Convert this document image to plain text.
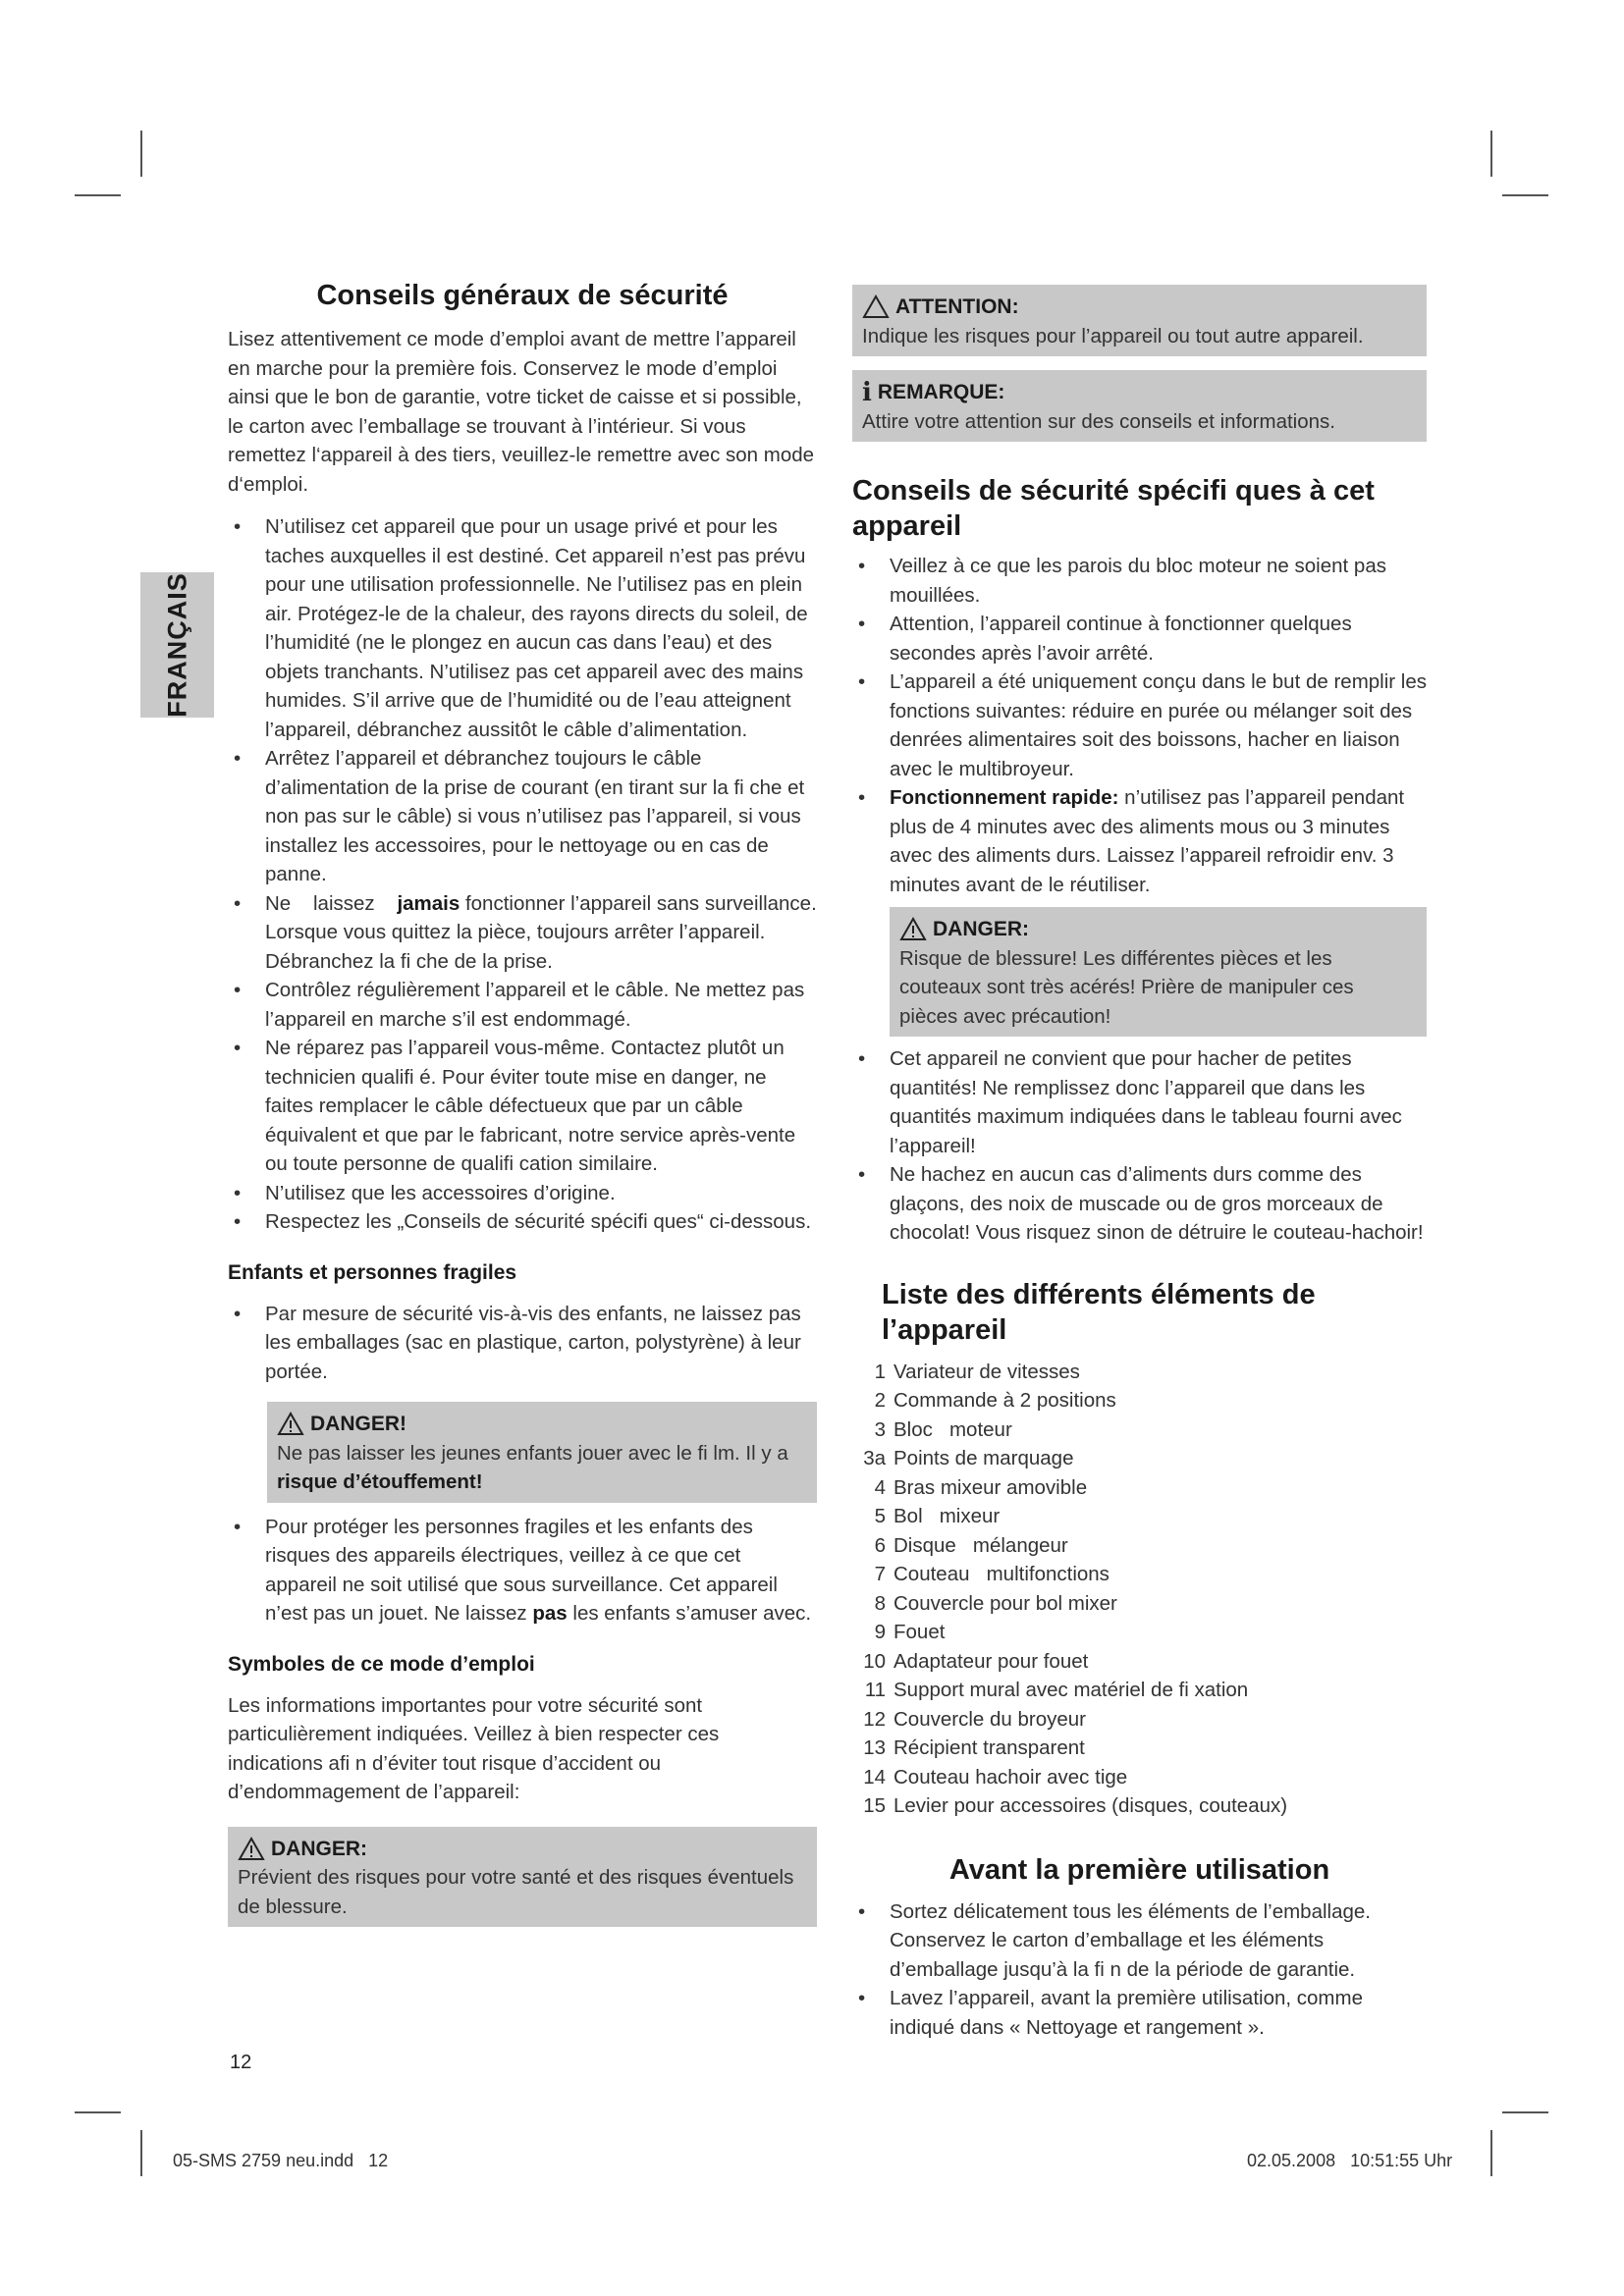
FRANÇAIS
Conseils généraux de sécurité

Lisez attentivement ce mode d’emploi avant de mettre l’appareil en marche pour la première fois. Conservez le mode d’emploi ainsi que le bon de garantie, votre ticket de caisse et si possible, le carton avec l’emballage se trouvant à l’intérieur. Si vous remettez l‘appareil à des tiers, veuillez-le remettre avec son mode d‘emploi.

• N’utilisez cet appareil que pour un usage privé et pour les taches auxquelles il est destiné. Cet appareil n’est pas prévu pour une utilisation professionnelle. Ne l’utilisez pas en plein air. Protégez-le de la chaleur, des rayons directs du soleil, de l’humidité (ne le plongez en aucun cas dans l’eau) et des objets tranchants. N’utilisez pas cet appareil avec des mains humides. S’il arrive que de l’humidité ou de l’eau atteignent l’appareil, débranchez aussitôt le câble d’alimentation.
• Arrêtez l’appareil et débranchez toujours le câble d’alimentation de la prise de courant (en tirant sur la fi che et non pas sur le câble) si vous n’utilisez pas l’appareil, si vous installez les accessoires, pour le nettoyage ou en cas de panne.
• Ne    laissez    jamais fonctionner l’appareil sans surveillance. Lorsque vous quittez la pièce, toujours arrêter l’appareil. Débranchez la fi che de la prise.
• Contrôlez régulièrement l’appareil et le câble. Ne mettez pas l’appareil en marche s’il est endommagé.
• Ne réparez pas l’appareil vous-même. Contactez plutôt un technicien qualifi é. Pour éviter toute mise en danger, ne faites remplacer le câble défectueux que par un câble équivalent et que par le fabricant, notre service après-vente ou toute personne de qualifi cation similaire.
• N’utilisez que les accessoires d’origine.
• Respectez les „Conseils de sécurité spécifi ques“ ci-dessous.
Enfants et personnes fragiles
• Par mesure de sécurité vis-à-vis des enfants, ne laissez pas les emballages (sac en plastique, carton, polystyrène) à leur portée.
DANGER!
Ne pas laisser les jeunes enfants jouer avec le fi lm. Il y a risque d’étouffement!
• Pour protéger les personnes fragiles et les enfants des risques des appareils électriques, veillez à ce que cet appareil ne soit utilisé que sous surveillance. Cet appareil n’est pas un jouet. Ne laissez pas les enfants s’amuser avec.
Symboles de ce mode d’emploi

Les informations importantes pour votre sécurité sont particulièrement indiquées. Veillez à bien respecter ces indications afi n d’éviter tout risque d’accident ou d’endommagement de l’appareil:

DANGER:
Prévient des risques pour votre santé et des risques éventuels de blessure.
ATTENTION:
Indique les risques pour l’appareil ou tout autre appareil.
i REMARQUE:
Attire votre attention sur des conseils et informations.
Conseils de sécurité spécifi ques à cet appareil
• Veillez à ce que les parois du bloc moteur ne soient pas mouillées.
• Attention, l’appareil continue à fonctionner quelques secondes après l’avoir arrêté.
• L’appareil a été uniquement conçu dans le but de remplir les fonctions suivantes: réduire en purée ou mélanger soit des denrées alimentaires soit des boissons, hacher en liaison avec le multibroyeur.
• Fonctionnement rapide: n’utilisez pas l’appareil pendant plus de 4 minutes avec des aliments mous ou 3 minutes avec des aliments durs. Laissez l’appareil refroidir env. 3 minutes avant de le réutiliser.
DANGER:
Risque de blessure! Les différentes pièces et les couteaux sont très acérés! Prière de manipuler ces pièces avec précaution!
• Cet appareil ne convient que pour hacher de petites quantités! Ne remplissez donc l’appareil que dans les quantités maximum indiquées dans le tableau fourni avec l’appareil!
• Ne hachez en aucun cas d’aliments durs comme des glaçons, des noix de muscade ou de gros morceaux de chocolat! Vous risquez sinon de détruire le couteau-hachoir!
Liste des différents éléments de l’appareil
1 Variateur de vitesses
2 Commande à 2 positions
3 Bloc   moteur
3a Points de marquage
4 Bras mixeur amovible
5 Bol   mixeur
6 Disque   mélangeur
7 Couteau   multifonctions
8 Couvercle pour bol mixer
9 Fouet
10 Adaptateur pour fouet
11 Support mural avec matériel de fi xation
12 Couvercle du broyeur
13 Récipient transparent
14 Couteau hachoir avec tige
15 Levier pour accessoires (disques, couteaux)
Avant la première utilisation
• Sortez délicatement tous les éléments de l’emballage. Conservez le carton d’emballage et les éléments d’emballage jusqu’à la fi n de la période de garantie.
• Lavez l’appareil, avant la première utilisation, comme indiqué dans « Nettoyage et rangement ».
12
05-SMS 2759 neu.indd   12	02.05.2008   10:51:55 Uhr
